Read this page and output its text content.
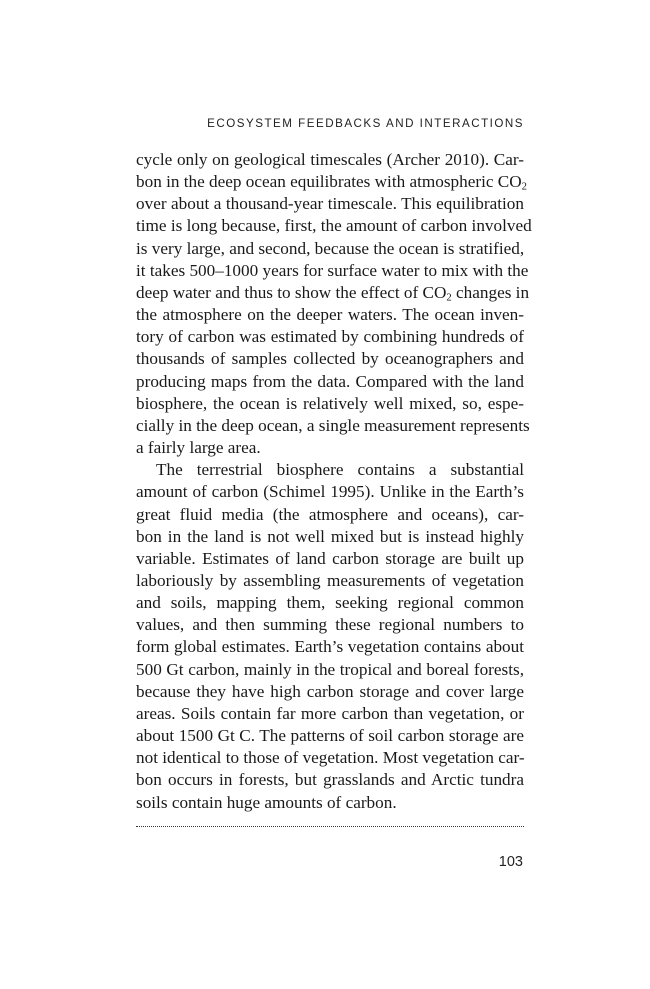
ECOSYSTEM FEEDBACKS AND INTERACTIONS
cycle only on geological timescales (Archer 2010). Car-
bon in the deep ocean equilibrates with atmospheric $CO_2$
over about a thousand-year timescale. This equilibration
time is long because, first, the amount of carbon involved
is very large, and second, because the ocean is stratified,
it takes 500–1000 years for surface water to mix with the
deep water and thus to show the effect of $CO_2$ changes in
the atmosphere on the deeper waters. The ocean inven-
tory of carbon was estimated by combining hundreds of
thousands of samples collected by oceanographers and
producing maps from the data. Compared with the land
biosphere, the ocean is relatively well mixed, so, espe-
cially in the deep ocean, a single measurement represents
a fairly large area.
The terrestrial biosphere contains a substantial
amount of carbon (Schimel 1995). Unlike in the Earth’s
great fluid media (the atmosphere and oceans), car-
bon in the land is not well mixed but is instead highly
variable. Estimates of land carbon storage are built up
laboriously by assembling measurements of vegetation
and soils, mapping them, seeking regional common
values, and then summing these regional numbers to
form global estimates. Earth’s vegetation contains about
500 Gt carbon, mainly in the tropical and boreal forests,
because they have high carbon storage and cover large
areas. Soils contain far more carbon than vegetation, or
about 1500 Gt C. The patterns of soil carbon storage are
not identical to those of vegetation. Most vegetation car-
bon occurs in forests, but grasslands and Arctic tundra
soils contain huge amounts of carbon.
103
